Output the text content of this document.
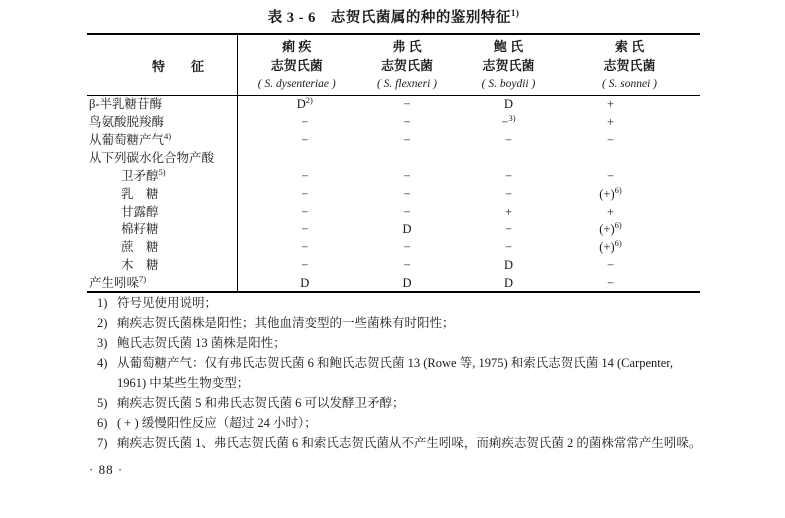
表 3 - 6　志贺氏菌属的种的鉴别特征$^{1)}$

特　　征

痢 疾
志贺氏菌
( S. dysenteriae )

弗 氏
志贺氏菌
( S. flexneri )

鲍 氏
志贺氏菌
( S. boydii )

索 氏
志贺氏菌
( S. sonnei )

β-半乳糖苷酶	$D^{2)}$	−	D	+
鸟氨酸脱羧酶	−	−	−$^{3)}$	+
从葡萄糖产气$^{4)}$	−	−	−	−
从下列碳水化合物产酸				
卫矛醇$^{5)}$	−	−	−	−
乳　糖	−	−	−	$(+)^{6)}$
甘露醇	−	−	+	+
棉籽糖	−	D	−	$(+)^{6)}$
蔗　糖	−	−	−	$(+)^{6)}$
木　糖	−	−	D	−
产生吲哚$^{7)}$	D	D	D	−
1) 符号见使用说明；
2) 痢疾志贺氏菌株是阳性；其他血清变型的一些菌株有时阳性；
3) 鲍氏志贺氏菌 13 菌株是阳性；
4) 从葡萄糖产气：仅有弗氏志贺氏菌 6 和鲍氏志贺氏菌 13 (Rowe 等, 1975) 和索氏志贺氏菌 14 (Carpenter,
1961) 中某些生物变型；
5) 痢疾志贺氏菌 5 和弗氏志贺氏菌 6 可以发酵卫矛醇；
6) ( + ) 缓慢阳性反应（超过 24 小时）；
7) 痢疾志贺氏菌 1、弗氏志贺氏菌 6 和索氏志贺氏菌从不产生吲哚，而痢疾志贺氏菌 2 的菌株常常产生吲哚。
· 88 ·
